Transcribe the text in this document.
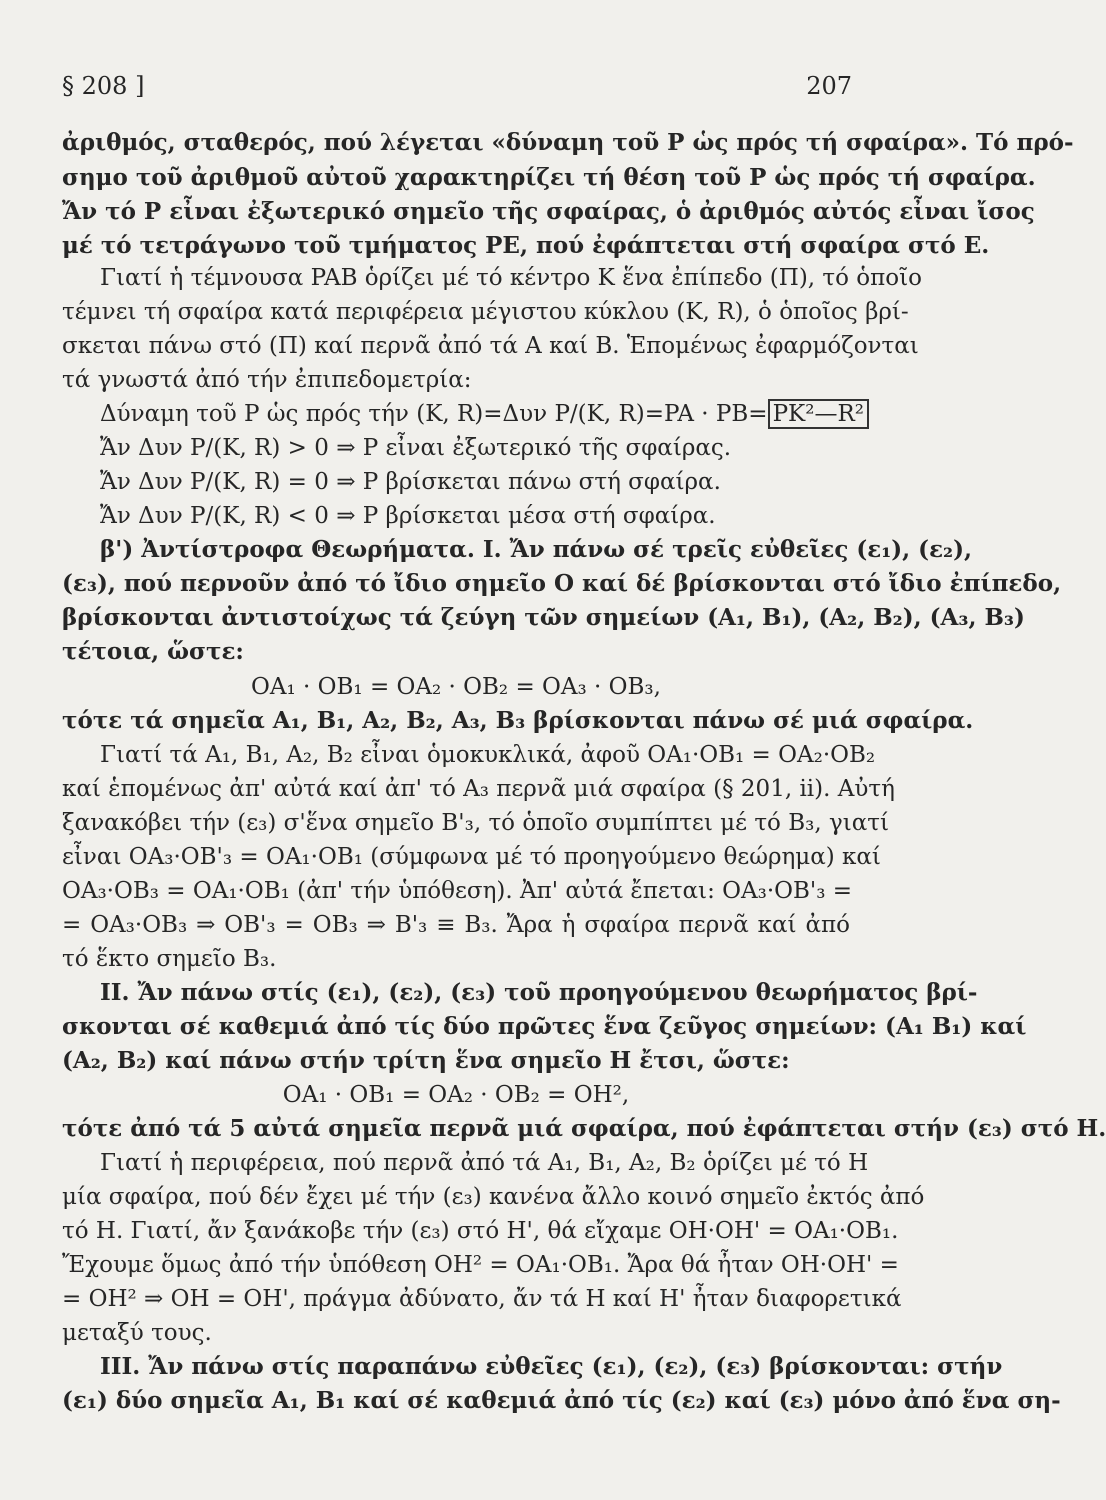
§ 208 ]	207
ἀριθμός, σταθερός, πού λέγεται «δύναμη τοῦ P ὡς πρός τή σφαίρα». Τό πρό-
σημο τοῦ ἀριθμοῦ αὐτοῦ χαρακτηρίζει τή θέση τοῦ P ὡς πρός τή σφαίρα.
Ἄν τό P εἶναι ἐξωτερικό σημεῖο τῆς σφαίρας, ὁ ἀριθμός αὐτός εἶναι ἴσος
μέ τό τετράγωνο τοῦ τμήματος PE, πού ἐφάπτεται στή σφαίρα στό E.
Γιατί ἡ τέμνουσα PAB ὁρίζει μέ τό κέντρο K ἕνα ἐπίπεδο (Π), τό ὁποῖο
τέμνει τή σφαίρα κατά περιφέρεια μέγιστου κύκλου (K, R), ὁ ὁποῖος βρί-
σκεται πάνω στό (Π) καί περνᾶ ἀπό τά A καί B. Ἑπομένως ἐφαρμόζονται
τά γνωστά ἀπό τήν ἐπιπεδομετρία:
Δύναμη τοῦ P ὡς πρός τήν (K, R)=Δυν P/(K, R)=PA · PB= PK²—R²
Ἄν Δυν P/(K, R) > 0 ⇒ P εἶναι ἐξωτερικό τῆς σφαίρας.
Ἄν Δυν P/(K, R) = 0 ⇒ P βρίσκεται πάνω στή σφαίρα.
Ἄν Δυν P/(K, R) < 0 ⇒ P βρίσκεται μέσα στή σφαίρα.
β') Ἀντίστροφα Θεωρήματα. I. Ἄν πάνω σέ τρεῖς εὐθεῖες (ε₁), (ε₂),
(ε₃), πού περνοῦν ἀπό τό ἴδιο σημεῖο O καί δέ βρίσκονται στό ἴδιο ἐπίπεδο,
βρίσκονται ἀντιστοίχως τά ζεύγη τῶν σημείων (A₁, B₁), (A₂, B₂), (A₃, B₃)
τέτοια, ὥστε:
OA₁ · OB₁ = OA₂ · OB₂ = OA₃ · OB₃,
τότε τά σημεῖα A₁, B₁, A₂, B₂, A₃, B₃ βρίσκονται πάνω σέ μιά σφαίρα.
Γιατί τά A₁, B₁, A₂, B₂ εἶναι ὁμοκυκλικά, ἀφοῦ OA₁·OB₁ = OA₂·OB₂
καί ἑπομένως ἀπ' αὐτά καί ἀπ' τό A₃ περνᾶ μιά σφαίρα (§ 201, ii). Αὐτή
ξανακόβει τήν (ε₃) σ'ἕνα σημεῖο B'₃, τό ὁποῖο συμπίπτει μέ τό B₃, γιατί
εἶναι OA₃·OB'₃ = OA₁·OB₁ (σύμφωνα μέ τό προηγούμενο θεώρημα) καί
OA₃·OB₃ = OA₁·OB₁ (ἀπ' τήν ὑπόθεση). Ἀπ' αὐτά ἔπεται: OA₃·OB'₃ =
= OA₃·OB₃ ⇒ OB'₃ = OB₃ ⇒ B'₃ ≡ B₃. Ἄρα ἡ σφαίρα περνᾶ καί ἀπό
τό ἕκτο σημεῖο B₃.
II. Ἄν πάνω στίς (ε₁), (ε₂), (ε₃) τοῦ προηγούμενου θεωρήματος βρί-
σκονται σέ καθεμιά ἀπό τίς δύο πρῶτες ἕνα ζεῦγος σημείων: (A₁ B₁) καί
(A₂, B₂) καί πάνω στήν τρίτη ἕνα σημεῖο H ἔτσι, ὥστε:
OA₁ · OB₁ = OA₂ · OB₂ = OH²,
τότε ἀπό τά 5 αὐτά σημεῖα περνᾶ μιά σφαίρα, πού ἐφάπτεται στήν (ε₃) στό H.
Γιατί ἡ περιφέρεια, πού περνᾶ ἀπό τά A₁, B₁, A₂, B₂ ὁρίζει μέ τό H
μία σφαίρα, πού δέν ἔχει μέ τήν (ε₃) κανένα ἄλλο κοινό σημεῖο ἐκτός ἀπό
τό H. Γιατί, ἄν ξανάκοβε τήν (ε₃) στό H', θά εἴχαμε OH·OH' = OA₁·OB₁.
Ἔχουμε ὅμως ἀπό τήν ὑπόθεση OH² = OA₁·OB₁. Ἄρα θά ἦταν OH·OH' =
= OH² ⇒ OH = OH', πράγμα ἀδύνατο, ἄν τά H καί H' ἦταν διαφορετικά
μεταξύ τους.
III. Ἄν πάνω στίς παραπάνω εὐθεῖες (ε₁), (ε₂), (ε₃) βρίσκονται: στήν
(ε₁) δύο σημεῖα A₁, B₁ καί σέ καθεμιά ἀπό τίς (ε₂) καί (ε₃) μόνο ἀπό ἕνα ση-
